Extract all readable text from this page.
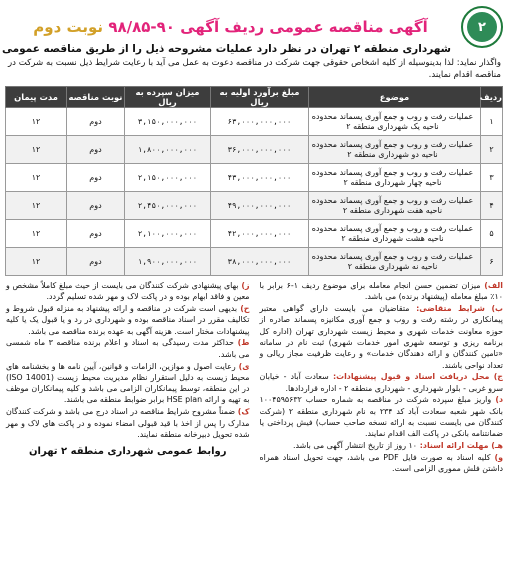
۲
آگهی مناقصه عمومی ردیف آگهی ۹۰-۹۸/۸۵ نوبت دوم
شهرداری منطقه ۲ تهران در نظر دارد عملیات مشروحه ذیل را از طریق مناقصه عمومی
واگذار نماید: لذا بدینوسیله از کلیه اشخاص حقوقی جهت شرکت در مناقصه دعوت به عمل می آید با رعایت شرایط ذیل نسبت به شرکت در مناقصه اقدام نمایند.
ردیف	موضوع	مبلغ برآورد اولیه به ریال	میزان سپرده به ریال	نوبت مناقصه	مدت پیمان
۱	عملیات رفت و روب و جمع آوری پسماند محدوده ناحیه یک شهرداری منطقه ۲	۶۳,۰۰۰,۰۰۰,۰۰۰	۳,۱۵۰,۰۰۰,۰۰۰	دوم	۱۲
۲	عملیات رفت و روب و جمع آوری پسماند محدوده ناحیه دو شهرداری منطقه ۲	۳۶,۰۰۰,۰۰۰,۰۰۰	۱,۸۰۰,۰۰۰,۰۰۰	دوم	۱۲
۳	عملیات رفت و روب و جمع آوری پسماند محدوده ناحیه چهار شهرداری منطقه ۲	۴۳,۰۰۰,۰۰۰,۰۰۰	۲,۱۵۰,۰۰۰,۰۰۰	دوم	۱۲
۴	عملیات رفت و روب و جمع آوری پسماند محدوده ناحیه هفت شهرداری منطقه ۲	۴۹,۰۰۰,۰۰۰,۰۰۰	۲,۴۵۰,۰۰۰,۰۰۰	دوم	۱۲
۵	عملیات رفت و روب و جمع آوری پسماند محدوده ناحیه هشت شهرداری منطقه ۲	۴۲,۰۰۰,۰۰۰,۰۰۰	۲,۱۰۰,۰۰۰,۰۰۰	دوم	۱۲
۶	عملیات رفت و روب و جمع آوری پسماند محدوده ناحیه نه شهرداری منطقه ۲	۳۸,۰۰۰,۰۰۰,۰۰۰	۱,۹۰۰,۰۰۰,۰۰۰	دوم	۱۲

الف) میزان تضمین حسن انجام معامله برای موضوع ردیف ۱-۶ برابر با ۱۰٪ مبلغ معامله (پیشنهاد برنده) می باشد.

ب) شرایط متقاضی: متقاضیان می بایست دارای گواهی معتبر پیمانکاری در رشته رفت و روب و جمع آوری مکانیزه پسماند صادره از حوزه معاونت خدمات شهری و محیط زیست شهرداری تهران (اداره کل برنامه ریزی و توسعه شهری امور خدمات شهری) ثبت نام در سامانه «تامین کنندگان و ارائه دهندگان خدمات» و رعایت ظرفیت مجاز ریالی و تعداد نواحی باشند.

ج) محل دریافت اسناد و قبول پیشنهادات: سعادت آباد - خیابان سرو غربی - بلوار شهرداری - شهرداری منطقه ۲ - اداره قراردادها.

د) واریز مبلغ سپرده شرکت در مناقصه به شماره حساب ۱۰۰۴۵۹۵۶۳۲ بانک شهر شعبه سعادت آباد کد ۲۳۴ به نام شهرداری منطقه ۲ (شرکت کنندگان می بایست نسبت به ارائه نسخه صاحب حساب) فیش پرداختی یا ضمانتنامه بانکی در پاکت الف اقدام نمایند.

هـ) مهلت ارائه اسناد: ۱۰ روز از تاریخ انتشار آگهی می باشد.

و) کلیه اسناد به صورت فایل PDF می باشد، جهت تحویل اسناد همراه داشتن فلش مموری الزامی است.

ز) بهای پیشنهادی شرکت کنندگان می بایست از حیث مبلغ کاملاً مشخص و معین و فاقد ابهام بوده و در پاکت لاک و مهر شده تسلیم گردد.

ح) بدیهی است شرکت در مناقصه و ارائه پیشنهاد به منزله قبول شروط و تکالیف مقرر در اسناد مناقصه بوده و شهرداری در رد و یا قبول یک یا کلیه پیشنهادات مختار است. هزینه آگهی به عهده برنده مناقصه می باشد.

ط) حداکثر مدت رسیدگی به اسناد و اعلام برنده مناقصه ۳ ماه شمسی می باشد.

ی) رعایت اصول و موازین، الزامات و قوانین، آیین نامه ها و بخشنامه های محیط زیست به دلیل استقرار نظام مدیریت محیط زیست (ISO 14001) در این منطقه، توسط پیمانکاران الزامی می باشد و کلیه پیمانکاران موظف به تهیه و ارائه HSE plan برابر ضوابط منطقه می باشند.

ک) ضمناً مشروح شرایط مناقصه در اسناد درج می باشد و شرکت کنندگان مدارک را پس از اخذ با قید قبولی امضاء نموده و در پاکت های لاک و مهر شده تحویل دبیرخانه منطقه نمایند.

روابط عمومی شهرداری منطقه ۲ تهران
